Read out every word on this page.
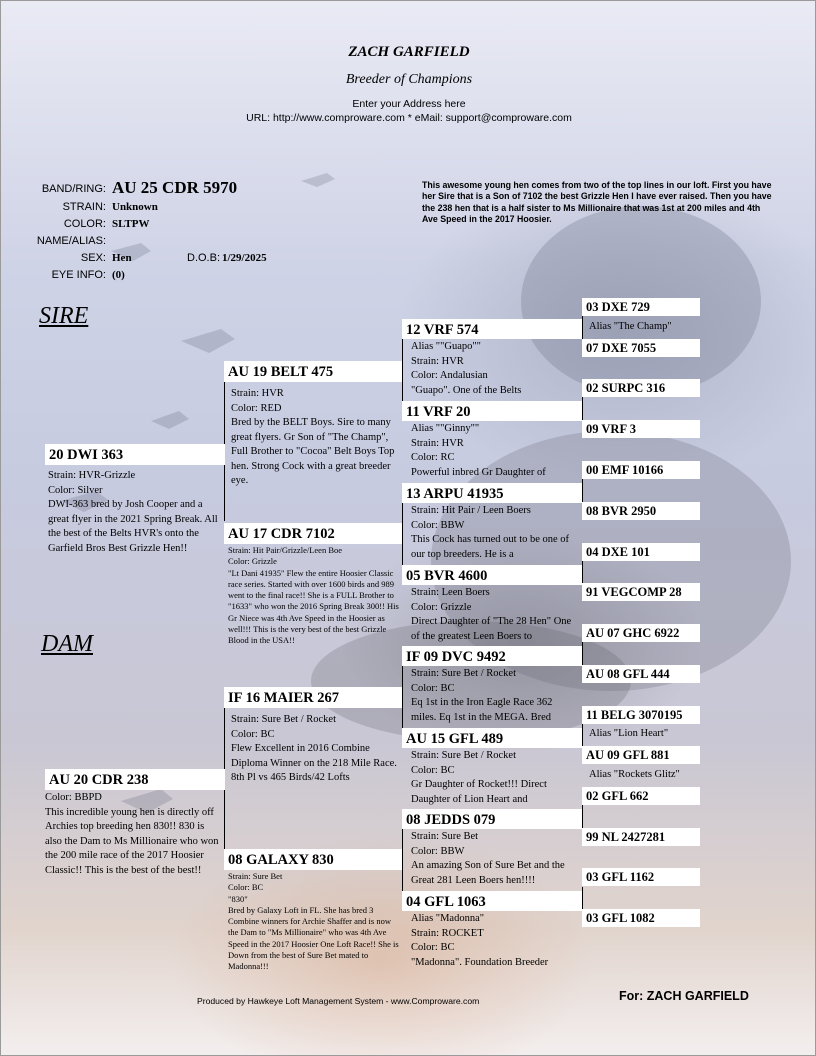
ZACH GARFIELD
Breeder of Champions
Enter your Address here
URL: http://www.comproware.com * eMail: support@comproware.com
BAND/RING: AU 25 CDR 5970
STRAIN: Unknown
COLOR: SLTPW
NAME/ALIAS:
SEX: Hen	D.O.B: 1/29/2025
EYE INFO: (0)
This awesome young hen comes from two of the top lines in our loft. First you have her Sire that is a Son of 7102 the best Grizzle Hen I have ever raised. Then you have the 238 hen that is a half sister to Ms Millionaire that was 1st at 200 miles and 4th Ave Speed in the 2017 Hoosier.
SIRE
DAM
20 DWI 363
Strain: HVR-Grizzle
Color: Silver
DWI-363 bred by Josh Cooper and a great flyer in the 2021 Spring Break. All the best of the Belts HVR's onto the Garfield Bros Best Grizzle Hen!!
AU 20 CDR 238
Color: BBPD
This incredible young hen is directly off Archies top breeding hen 830!! 830 is also the Dam to Ms Millionaire who won the 200 mile race of the 2017 Hoosier Classic!! This is the best of the best!!
AU 19 BELT 475
Strain: HVR
Color: RED
Bred by the BELT Boys. Sire to many great flyers. Gr Son of "The Champ", Full Brother to "Cocoa" Belt Boys Top hen. Strong Cock with a great breeder eye.
AU 17 CDR 7102
Strain: Hit Pair/Grizzle/Leen Boe
Color: Grizzle
"Lt Dani 41935" Flew the entire Hoosier Classic race series. Started with over 1600 birds and 989 went to the final race!! She is a FULL Brother to "1633" who won the 2016 Spring Break 300!! His Gr Niece was 4th Ave Speed in the Hoosier as well!!! This is the very best of the best Grizzle Blood in the USA!!
IF 16 MAIER 267
Strain: Sure Bet / Rocket
Color: BC
Flew Excellent in 2016 Combine Diploma Winner on the 218 Mile Race. 8th Pl vs 465 Birds/42 Lofts
08 GALAXY 830
Strain: Sure Bet
Color: BC
"830"
Bred by Galaxy Loft in FL. She has bred 3 Combine winners for Archie Shaffer and is now the Dam to "Ms Millionaire" who was 4th Ave Speed in the 2017 Hoosier One Loft Race!! She is Down from the best of Sure Bet mated to Madonna!!!
12 VRF 574
Alias ""Guapo""
Strain: HVR
Color: Andalusian
"Guapo". One of the Belts
11 VRF 20
Alias ""Ginny""
Strain: HVR
Color: RC
Powerful inbred Gr Daughter of
13 ARPU 41935
Strain: Hit Pair / Leen Boers
Color: BBW
This Cock has turned out to be one of our top breeders. He is a
05 BVR 4600
Strain: Leen Boers
Color: Grizzle
Direct Daughter of "The 28 Hen" One of the greatest Leen Boers to
IF 09 DVC 9492
Strain: Sure Bet / Rocket
Color: BC
Eq 1st in the Iron Eagle Race 362 miles. Eq 1st in the MEGA. Bred
AU 15 GFL 489
Strain: Sure Bet / Rocket
Color: BC
Gr Daughter of Rocket!!! Direct Daughter of Lion Heart and
08 JEDDS 079
Strain: Sure Bet
Color: BBW
An amazing Son of Sure Bet and the Great 281 Leen Boers hen!!!!
04 GFL 1063
Alias "Madonna"
Strain: ROCKET
Color: BC
"Madonna". Foundation Breeder
03 DXE 729
Alias "The Champ"
07 DXE 7055
02 SURPC 316
09 VRF 3
00 EMF 10166
08 BVR 2950
04 DXE 101
91 VEGCOMP 28
AU 07 GHC 6922
AU 08 GFL 444
11 BELG 3070195
Alias "Lion Heart"
AU 09 GFL 881
Alias "Rockets Glitz"
02 GFL 662
99 NL 2427281
03 GFL 1162
03 GFL 1082
Produced by Hawkeye Loft Management System - www.Comproware.com	For: ZACH GARFIELD
